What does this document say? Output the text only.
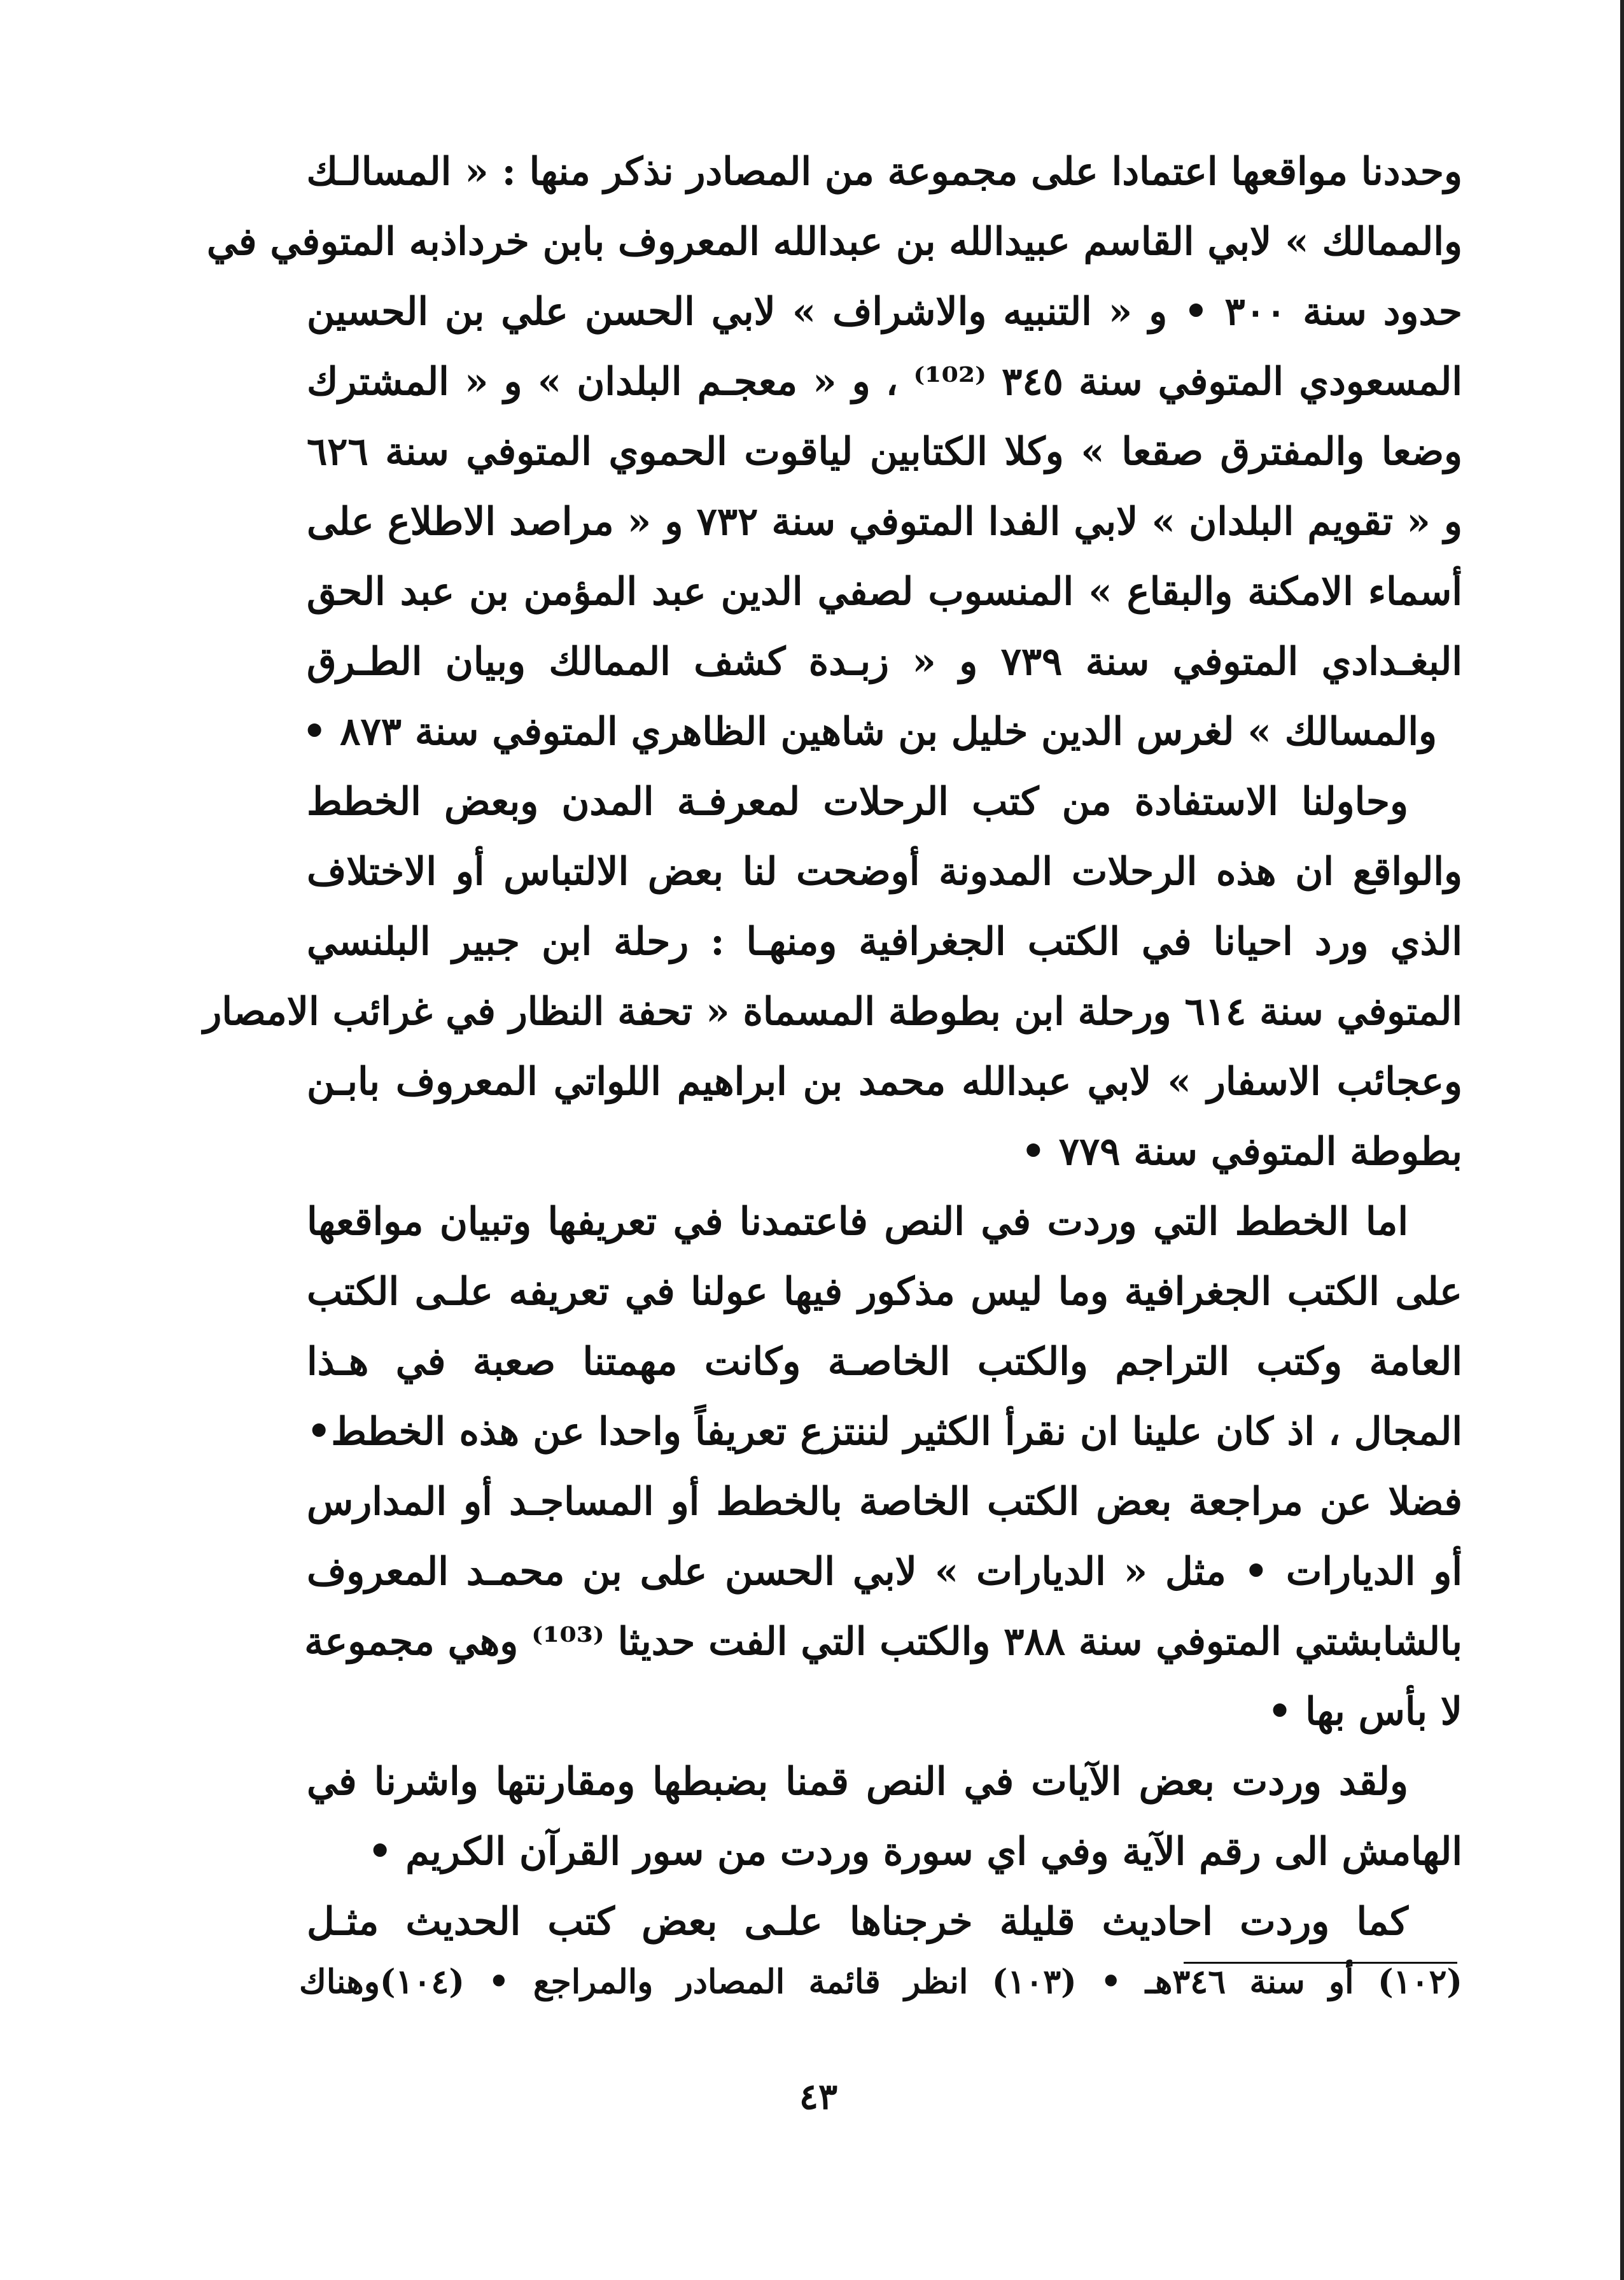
وحددنا مواقعها اعتمادا على مجموعة من المصادر نذكر منها : « المسالـك
والممالك » لابي القاسم عبيدالله بن عبدالله المعروف بابن خرداذبه المتوفي في
حدود سنة ٣٠٠ • و « التنبيه والاشراف » لابي الحسن علي بن الحسين
المسعودي المتوفي سنة ٣٤٥ ⁽¹⁰²⁾ ، و « معجـم البلدان » و « المشترك
وضعا والمفترق صقعا » وكلا الكتابين لياقوت الحموي المتوفي سنة ٦٢٦
و « تقويم البلدان » لابي الفدا المتوفي سنة ٧٣٢ و « مراصد الاطلاع على
أسماء الامكنة والبقاع » المنسوب لصفي الدين عبد المؤمن بن عبد الحق
البغـدادي المتوفي سنة ٧٣٩ و « زبـدة كشف الممالك وبيان الطـرق
والمسالك » لغرس الدين خليل بن شاهين الظاهري المتوفي سنة ٨٧٣ •
وحاولنا الاستفادة من كتب الرحلات لمعرفـة المدن وبعض الخطط
والواقع ان هذه الرحلات المدونة أوضحت لنا بعض الالتباس أو الاختلاف
الذي ورد احيانا في الكتب الجغرافية ومنهـا : رحلة ابن جبير البلنسي
المتوفي سنة ٦١٤ ورحلة ابن بطوطة المسماة « تحفة النظار في غرائب الامصار
وعجائب الاسفار » لابي عبدالله محمد بن ابراهيم اللواتي المعروف بابـن
بطوطة المتوفي سنة ٧٧٩ •
اما الخطط التي وردت في النص فاعتمدنا في تعريفها وتبيان مواقعها
على الكتب الجغرافية وما ليس مذكور فيها عولنا في تعريفه علـى الكتب
العامة وكتب التراجم والكتب الخاصـة وكانت مهمتنا صعبة في هـذا
المجال ، اذ كان علينا ان نقرأ الكثير لننتزع تعريفاً واحدا عن هذه الخطط•
فضلا عن مراجعة بعض الكتب الخاصة بالخطط أو المساجـد أو المدارس
أو الديارات • مثل « الديارات » لابي الحسن على بن محمـد المعروف
بالشابشتي المتوفي سنة ٣٨٨ والكتب التي الفت حديثا ⁽¹⁰³⁾ وهي مجموعة
لا بأس بها •
ولقد وردت بعض الآيات في النص قمنا بضبطها ومقارنتها واشرنا في
الهامش الى رقم الآية وفي اي سورة وردت من سور القرآن الكريم •
كما وردت احاديث قليلة خرجناها علـى بعض كتب الحديث مثـل
(١٠٢) أو سنة ٣٤٦هـ • (١٠٣) انظر قائمة المصادر والمراجع • (١٠٤)وهناك
٤٣
